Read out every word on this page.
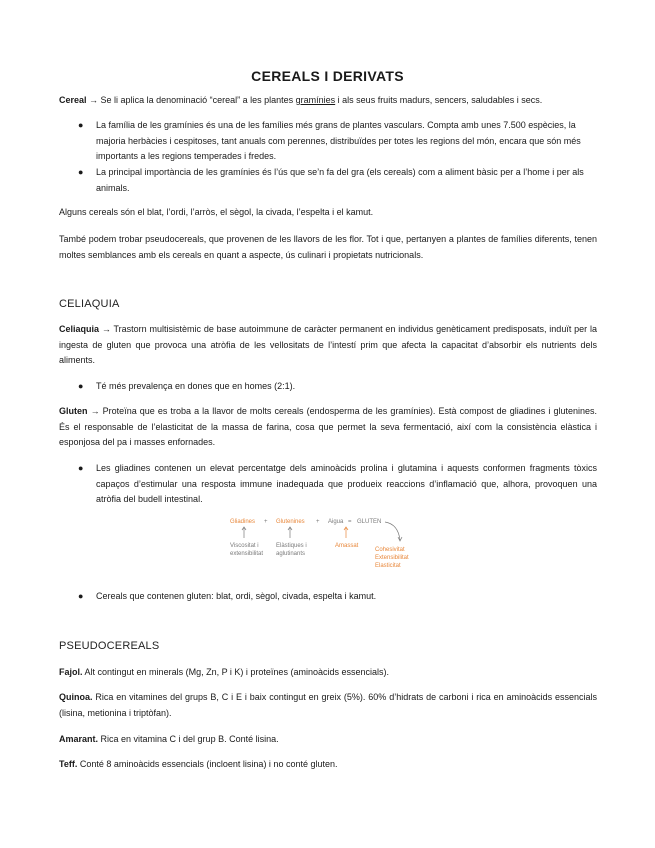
CEREALS I DERIVATS
Cereal → Se li aplica la denominació “cereal” a les plantes gramínies i als seus fruits madurs, sencers, saludables i secs.
● La família de les gramínies és una de les famílies més grans de plantes vasculars. Compta amb unes 7.500 espècies, la majoria herbàcies i cespitoses, tant anuals com perennes, distribuïdes per totes les regions del món, encara que són més importants a les regions temperades i fredes.
● La principal importància de les gramínies és l’ús que se’n fa del gra (els cereals) com a aliment bàsic per a l’home i per als animals.
Alguns cereals són el blat, l’ordi, l’arròs, el sègol, la civada, l’espelta i el kamut.
També podem trobar pseudocereals, que provenen de les llavors de les flor. Tot i que, pertanyen a plantes de famílies diferents, tenen moltes semblances amb els cereals en quant a aspecte, ús culinari i propietats nutricionals.
CELIAQUIA
Celiaquia → Trastorn multisistèmic de base autoimmune de caràcter permanent en individus genèticament predisposats, induït per la ingesta de gluten que provoca una atròfia de les vellositats de l’intestí prim que afecta la capacitat d’absorbir els nutrients dels aliments.
● Té més prevalença en dones que en homes (2:1).
Gluten → Proteïna que es troba a la llavor de molts cereals (endosperma de les gramínies). Està compost de gliadines i glutenines. És el responsable de l’elasticitat de la massa de farina, cosa que permet la seva fermentació, així com la consistència elàstica i esponjosa del pa i masses enfornades.
● Les gliadines contenen un elevat percentatge dels aminoàcids prolina i glutamina i aquests conformen fragments tòxics capaços d’estimular una resposta immune inadequada que produeix reaccions d’inflamació que, alhora, provoquen una atròfia del budell intestinal.
Gliadines + Glutenines + Aigua = GLUTEN
Viscositat i
extensibilitat
Elàstiques i
aglutinants
Amassat
Cohesivitat
Extensibilitat
Elasticitat
● Cereals que contenen gluten: blat, ordi, sègol, civada, espelta i kamut.
PSEUDOCEREALS
Fajol. Alt contingut en minerals (Mg, Zn, P i K) i proteïnes (aminoàcids essencials).
Quinoa. Rica en vitamines del grups B, C i E i baix contingut en greix (5%). 60% d’hidrats de carboni i rica en aminoàcids essencials (lisina, metionina i triptòfan).
Amarant. Rica en vitamina C i del grup B. Conté lisina.
Teff. Conté 8 aminoàcids essencials (incloent lisina) i no conté gluten.
